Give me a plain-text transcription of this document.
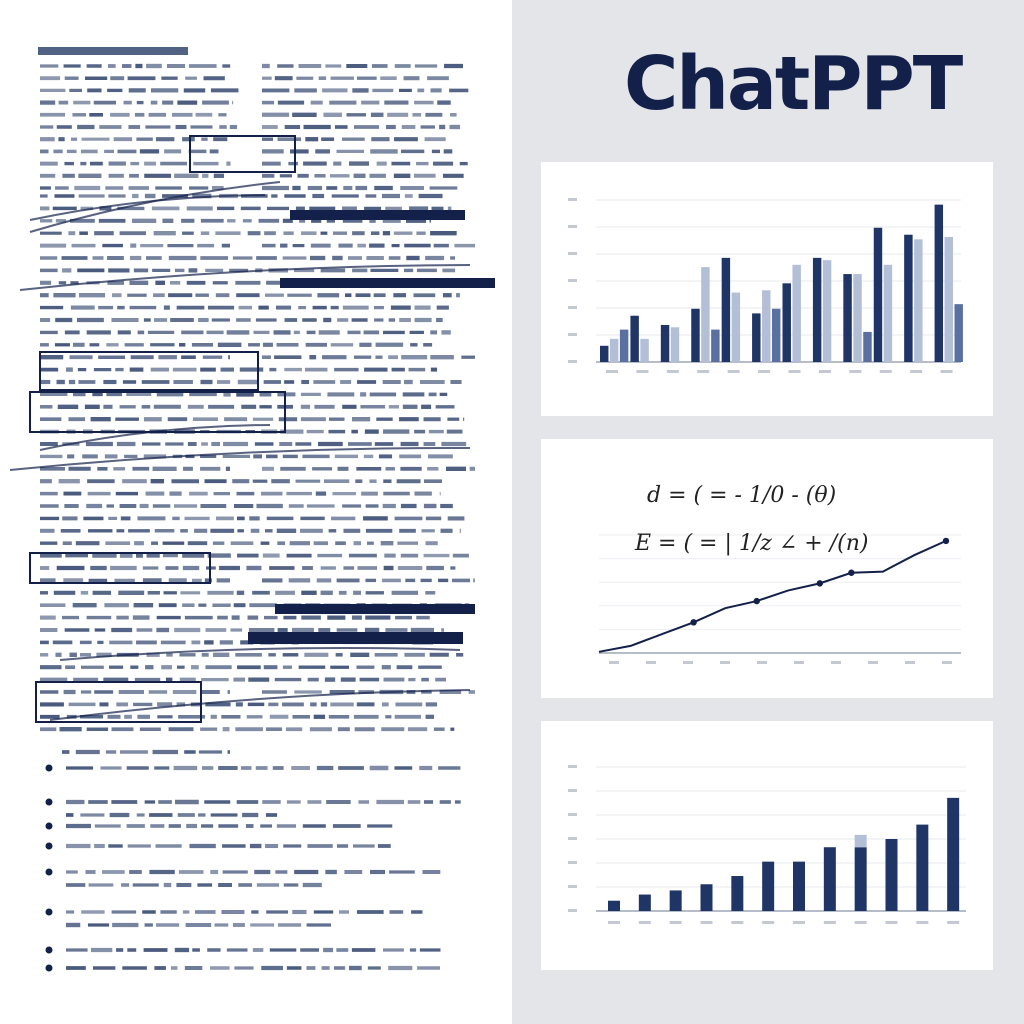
ChatPPT
d = ( = - 1/0 - (θ)
E = ( = | 1/z ∠ + /(n)
